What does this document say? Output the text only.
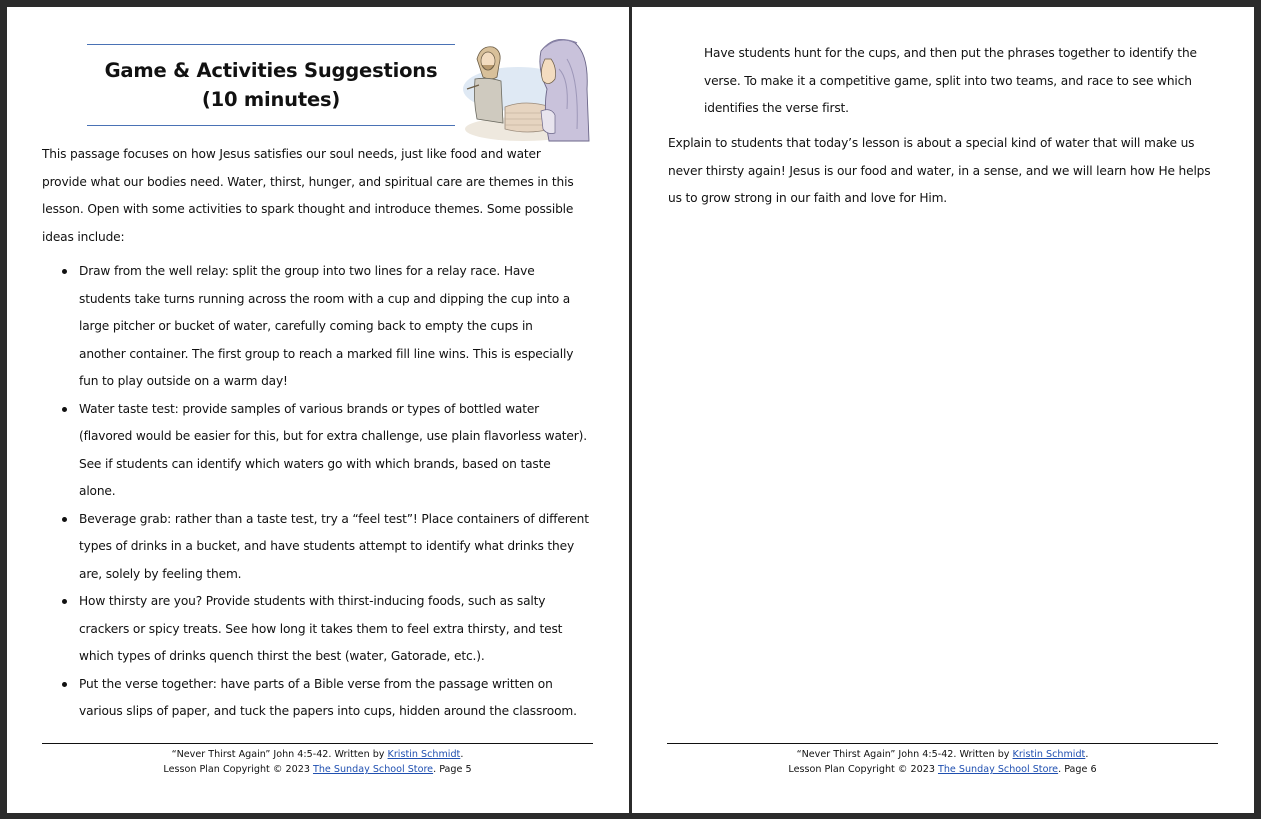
Game & Activities Suggestions
(10 minutes)
This passage focuses on how Jesus satisfies our soul needs, just like food and water
provide what our bodies need. Water, thirst, hunger, and spiritual care are themes in this
lesson. Open with some activities to spark thought and introduce themes. Some possible
ideas include:
Draw from the well relay: split the group into two lines for a relay race. Have
students take turns running across the room with a cup and dipping the cup into a
large pitcher or bucket of water, carefully coming back to empty the cups in
another container. The first group to reach a marked fill line wins. This is especially
fun to play outside on a warm day!
Water taste test: provide samples of various brands or types of bottled water
(flavored would be easier for this, but for extra challenge, use plain flavorless water).
See if students can identify which waters go with which brands, based on taste
alone.
Beverage grab: rather than a taste test, try a “feel test”! Place containers of different
types of drinks in a bucket, and have students attempt to identify what drinks they
are, solely by feeling them.
How thirsty are you? Provide students with thirst-inducing foods, such as salty
crackers or spicy treats. See how long it takes them to feel extra thirsty, and test
which types of drinks quench thirst the best (water, Gatorade, etc.).
Put the verse together: have parts of a Bible verse from the passage written on
various slips of paper, and tuck the papers into cups, hidden around the classroom.
“Never Thirst Again” John 4:5-42. Written by Kristin Schmidt.
Lesson Plan Copyright © 2023 The Sunday School Store. Page 5
Have students hunt for the cups, and then put the phrases together to identify the
verse. To make it a competitive game, split into two teams, and race to see which
identifies the verse first.
Explain to students that today’s lesson is about a special kind of water that will make us
never thirsty again! Jesus is our food and water, in a sense, and we will learn how He helps
us to grow strong in our faith and love for Him.
“Never Thirst Again” John 4:5-42. Written by Kristin Schmidt.
Lesson Plan Copyright © 2023 The Sunday School Store. Page 6
